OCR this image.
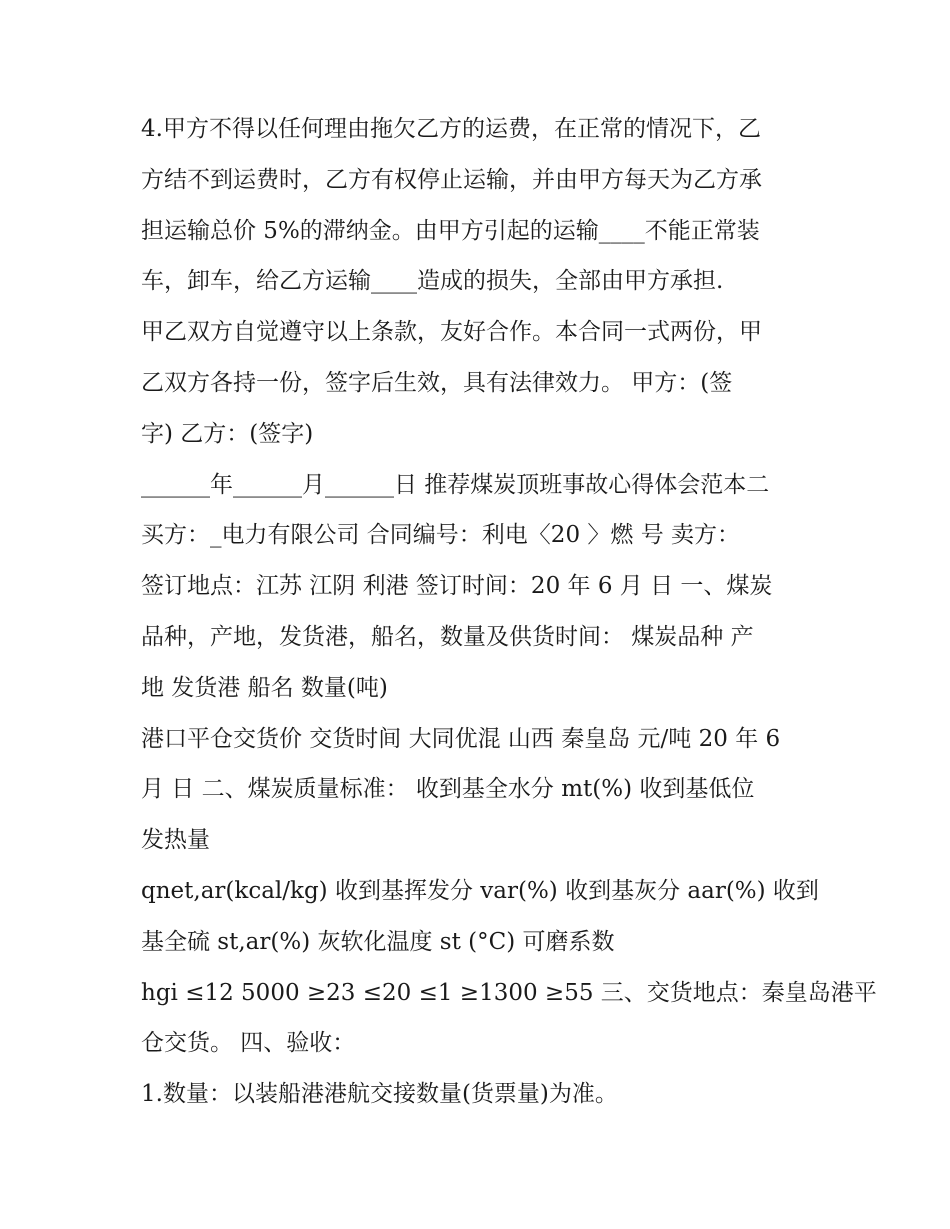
4.甲方不得以任何理由拖欠乙方的运费，在正常的情况下，乙
方结不到运费时，乙方有权停止运输，并由甲方每天为乙方承
担运输总价 5%的滞纳金。由甲方引起的运输____不能正常装
车，卸车，给乙方运输____造成的损失，全部由甲方承担.
甲乙双方自觉遵守以上条款，友好合作。本合同一式两份，甲
乙双方各持一份，签字后生效，具有法律效力。 甲方：(签
字) 乙方：(签字)
______年______月______日 推荐煤炭顶班事故心得体会范本二
买方：_电力有限公司 合同编号：利电〈20 〉燃 号 卖方：
签订地点：江苏 江阴 利港 签订时间：20 年 6 月 日 一、煤炭
品种，产地，发货港，船名，数量及供货时间： 煤炭品种 产
地 发货港 船名 数量(吨)
港口平仓交货价 交货时间 大同优混 山西 秦皇岛 元/吨 20 年 6
月 日 二、煤炭质量标准： 收到基全水分 mt(%) 收到基低位
发热量
qnet,ar(kcal/kg) 收到基挥发分 var(%) 收到基灰分 aar(%) 收到
基全硫 st,ar(%) 灰软化温度 st (°C) 可磨系数
hgi ≤12 5000 ≥23 ≤20 ≤1 ≥1300 ≥55 三、交货地点：秦皇岛港平
仓交货。 四、验收：
1.数量：以装船港港航交接数量(货票量)为准。
